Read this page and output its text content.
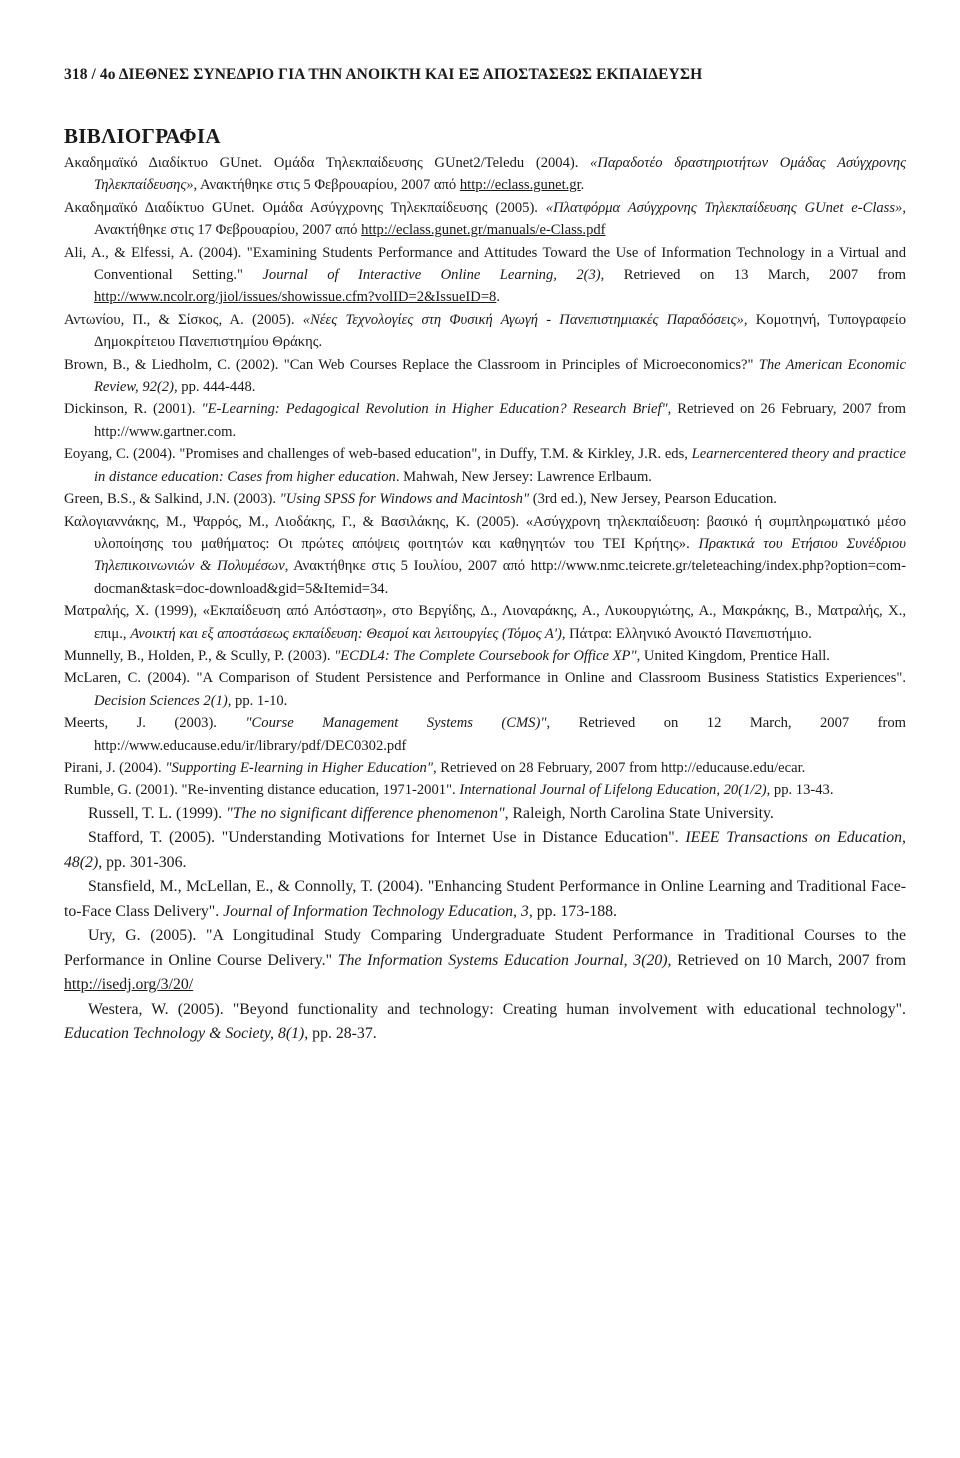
318 / 4ο ΔΙΕΘΝΕΣ ΣΥΝΕΔΡΙΟ ΓΙΑ ΤΗΝ ΑΝΟΙΚΤΗ ΚΑΙ ΕΞ ΑΠΟΣΤΑΣΕΩΣ ΕΚΠΑΙΔΕΥΣΗ
ΒΙΒΛΙΟΓΡΑΦΙΑ

Ακαδημαϊκό Διαδίκτυο GUnet. Ομάδα Τηλεκπαίδευσης GUnet2/Teledu (2004). «Παραδοτέο δραστηριοτήτων Ομάδας Ασύγχρονης Τηλεκπαίδευσης», Ανακτήθηκε στις 5 Φεβρουαρίου, 2007 από http://eclass.gunet.gr.

Ακαδημαϊκό Διαδίκτυο GUnet. Ομάδα Ασύγχρονης Τηλεκπαίδευσης (2005). «Πλατφόρμα Ασύγχρονης Τηλεκπαίδευσης GUnet e-Class», Ανακτήθηκε στις 17 Φεβρουαρίου, 2007 από http://eclass.gunet.gr/manuals/e-Class.pdf

Ali, A., & Elfessi, A. (2004). "Examining Students Performance and Attitudes Toward the Use of Information Technology in a Virtual and Conventional Setting." Journal of Interactive Online Learning, 2(3), Retrieved on 13 March, 2007 from http://www.ncolr.org/jiol/issues/showissue.cfm?volID=2&IssueID=8.

Αντωνίου, Π., & Σίσκος, Α. (2005). «Νέες Τεχνολογίες στη Φυσική Αγωγή - Πανεπιστημιακές Παραδόσεις», Κομοτηνή, Τυπογραφείο Δημοκρίτειου Πανεπιστημίου Θράκης.

Brown, B., & Liedholm, C. (2002). "Can Web Courses Replace the Classroom in Principles of Microeconomics?" The American Economic Review, 92(2), pp. 444-448.

Dickinson, R. (2001). "E-Learning: Pedagogical Revolution in Higher Education? Research Brief", Retrieved on 26 February, 2007 from http://www.gartner.com.

Eoyang, C. (2004). "Promises and challenges of web-based education", in Duffy, T.M. & Kirkley, J.R. eds, Learnercentered theory and practice in distance education: Cases from higher education. Mahwah, New Jersey: Lawrence Erlbaum.

Green, B.S., & Salkind, J.N. (2003). "Using SPSS for Windows and Macintosh" (3rd ed.), New Jersey, Pearson Education.

Καλογιαννάκης, Μ., Ψαρρός, Μ., Λιοδάκης, Γ., & Βασιλάκης, Κ. (2005). «Ασύγχρονη τηλεκπαίδευση: βασικό ή συμπληρωματικό μέσο υλοποίησης του μαθήματος: Οι πρώτες απόψεις φοιτητών και καθηγητών του ΤΕΙ Κρήτης». Πρακτικά του Ετήσιου Συνέδριου Τηλεπικοινωνιών & Πολυμέσων, Ανακτήθηκε στις 5 Ιουλίου, 2007 από http://www.nmc.teicrete.gr/teleteaching/index.php?option=com-docman&task=doc-download&gid=5&Itemid=34.

Ματραλής, Χ. (1999), «Εκπαίδευση από Απόσταση», στο Βεργίδης, Δ., Λιοναράκης, Α., Λυκουργιώτης, Α., Μακράκης, Β., Ματραλής, Χ., επιμ., Ανοικτή και εξ αποστάσεως εκπαίδευση: Θεσμοί και λειτουργίες (Τόμος Α'), Πάτρα: Ελληνικό Ανοικτό Πανεπιστήμιο.

Munnelly, B., Holden, P., & Scully, P. (2003). "ECDL4: The Complete Coursebook for Office XP", United Kingdom, Prentice Hall.

McLaren, C. (2004). "A Comparison of Student Persistence and Performance in Online and Classroom Business Statistics Experiences". Decision Sciences 2(1), pp. 1-10.

Meerts, J. (2003). "Course Management Systems (CMS)", Retrieved on 12 March, 2007 from http://www.educause.edu/ir/library/pdf/DEC0302.pdf

Pirani, J. (2004). "Supporting E-learning in Higher Education", Retrieved on 28 February, 2007 from http://educause.edu/ecar.

Rumble, G. (2001). "Re-inventing distance education, 1971-2001". International Journal of Lifelong Education, 20(1/2), pp. 13-43.

Russell, T. L. (1999). "The no significant difference phenomenon", Raleigh, North Carolina State University.

Stafford, T. (2005). "Understanding Motivations for Internet Use in Distance Education". IEEE Transactions on Education, 48(2), pp. 301-306.

Stansfield, M., McLellan, E., & Connolly, T. (2004). "Enhancing Student Performance in Online Learning and Traditional Face-to-Face Class Delivery". Journal of Information Technology Education, 3, pp. 173-188.

Ury, G. (2005). "A Longitudinal Study Comparing Undergraduate Student Performance in Traditional Courses to the Performance in Online Course Delivery." The Information Systems Education Journal, 3(20), Retrieved on 10 March, 2007 from http://isedj.org/3/20/

Westera, W. (2005). "Beyond functionality and technology: Creating human involvement with educational technology". Education Technology & Society, 8(1), pp. 28-37.
